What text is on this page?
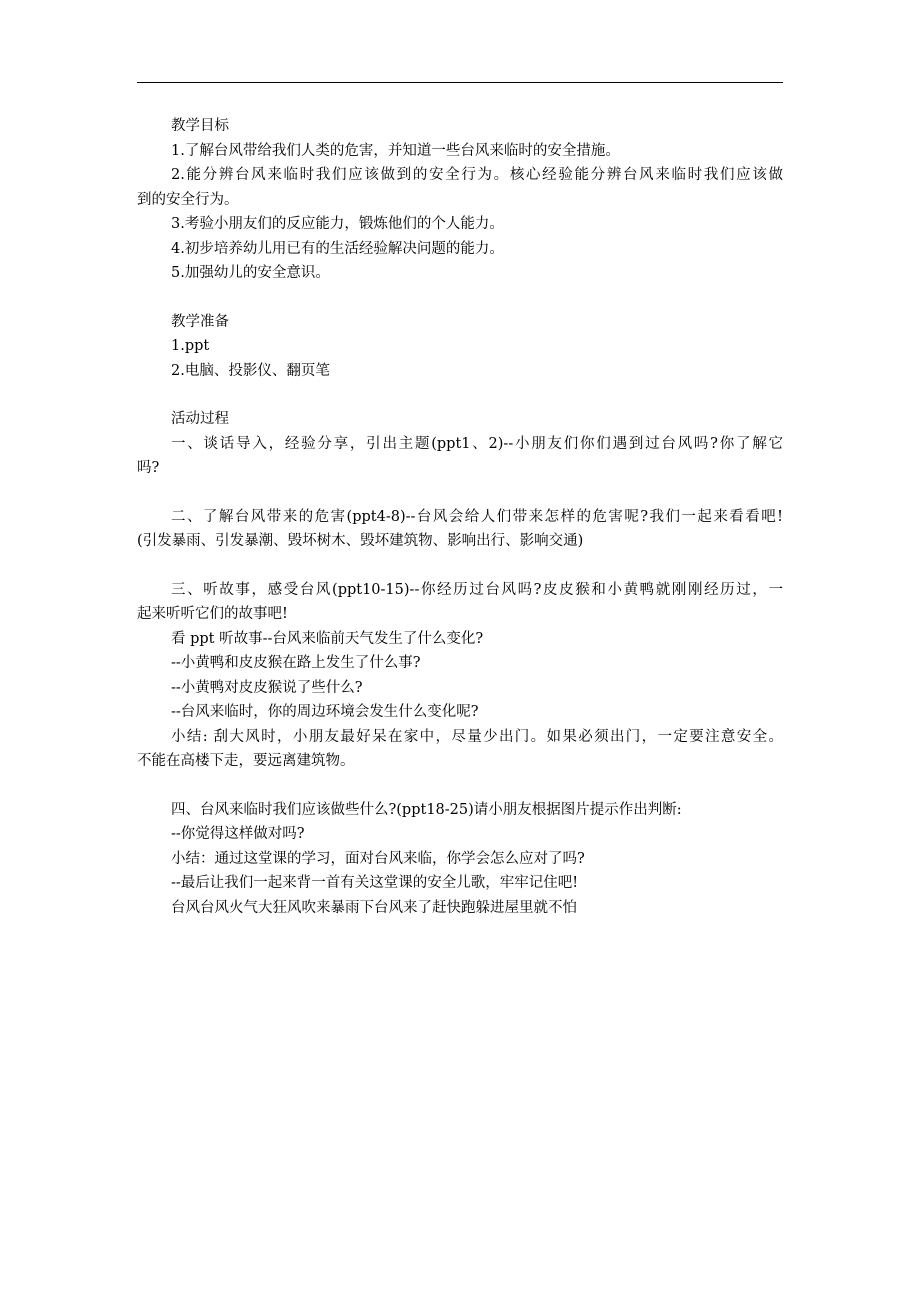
教学目标

1.了解台风带给我们人类的危害，并知道一些台风来临时的安全措施。

2.能分辨台风来临时我们应该做到的安全行为。核心经验能分辨台风来临时我们应该做

到的安全行为。

3.考验小朋友们的反应能力，锻炼他们的个人能力。

4.初步培养幼儿用已有的生活经验解决问题的能力。

5.加强幼儿的安全意识。

教学准备

1.ppt

2.电脑、投影仪、翻页笔

活动过程

一、谈话导入，经验分享，引出主题(ppt1、2)--小朋友们你们遇到过台风吗?你了解它

吗?

二、了解台风带来的危害(ppt4-8)--台风会给人们带来怎样的危害呢?我们一起来看看吧!

(引发暴雨、引发暴潮、毁坏树木、毁坏建筑物、影响出行、影响交通)

三、听故事，感受台风(ppt10-15)--你经历过台风吗?皮皮猴和小黄鸭就刚刚经历过，一

起来听听它们的故事吧!

看 ppt 听故事--台风来临前天气发生了什么变化?

--小黄鸭和皮皮猴在路上发生了什么事?

--小黄鸭对皮皮猴说了些什么?

--台风来临时，你的周边环境会发生什么变化呢?

小结: 刮大风时，小朋友最好呆在家中，尽量少出门。如果必须出门，一定要注意安全。

不能在高楼下走，要远离建筑物。

四、台风来临时我们应该做些什么?(ppt18-25)请小朋友根据图片提示作出判断:

--你觉得这样做对吗?

小结：通过这堂课的学习，面对台风来临，你学会怎么应对了吗?

--最后让我们一起来背一首有关这堂课的安全儿歌，牢牢记住吧!

台风台风火气大狂风吹来暴雨下台风来了赶快跑躲进屋里就不怕
